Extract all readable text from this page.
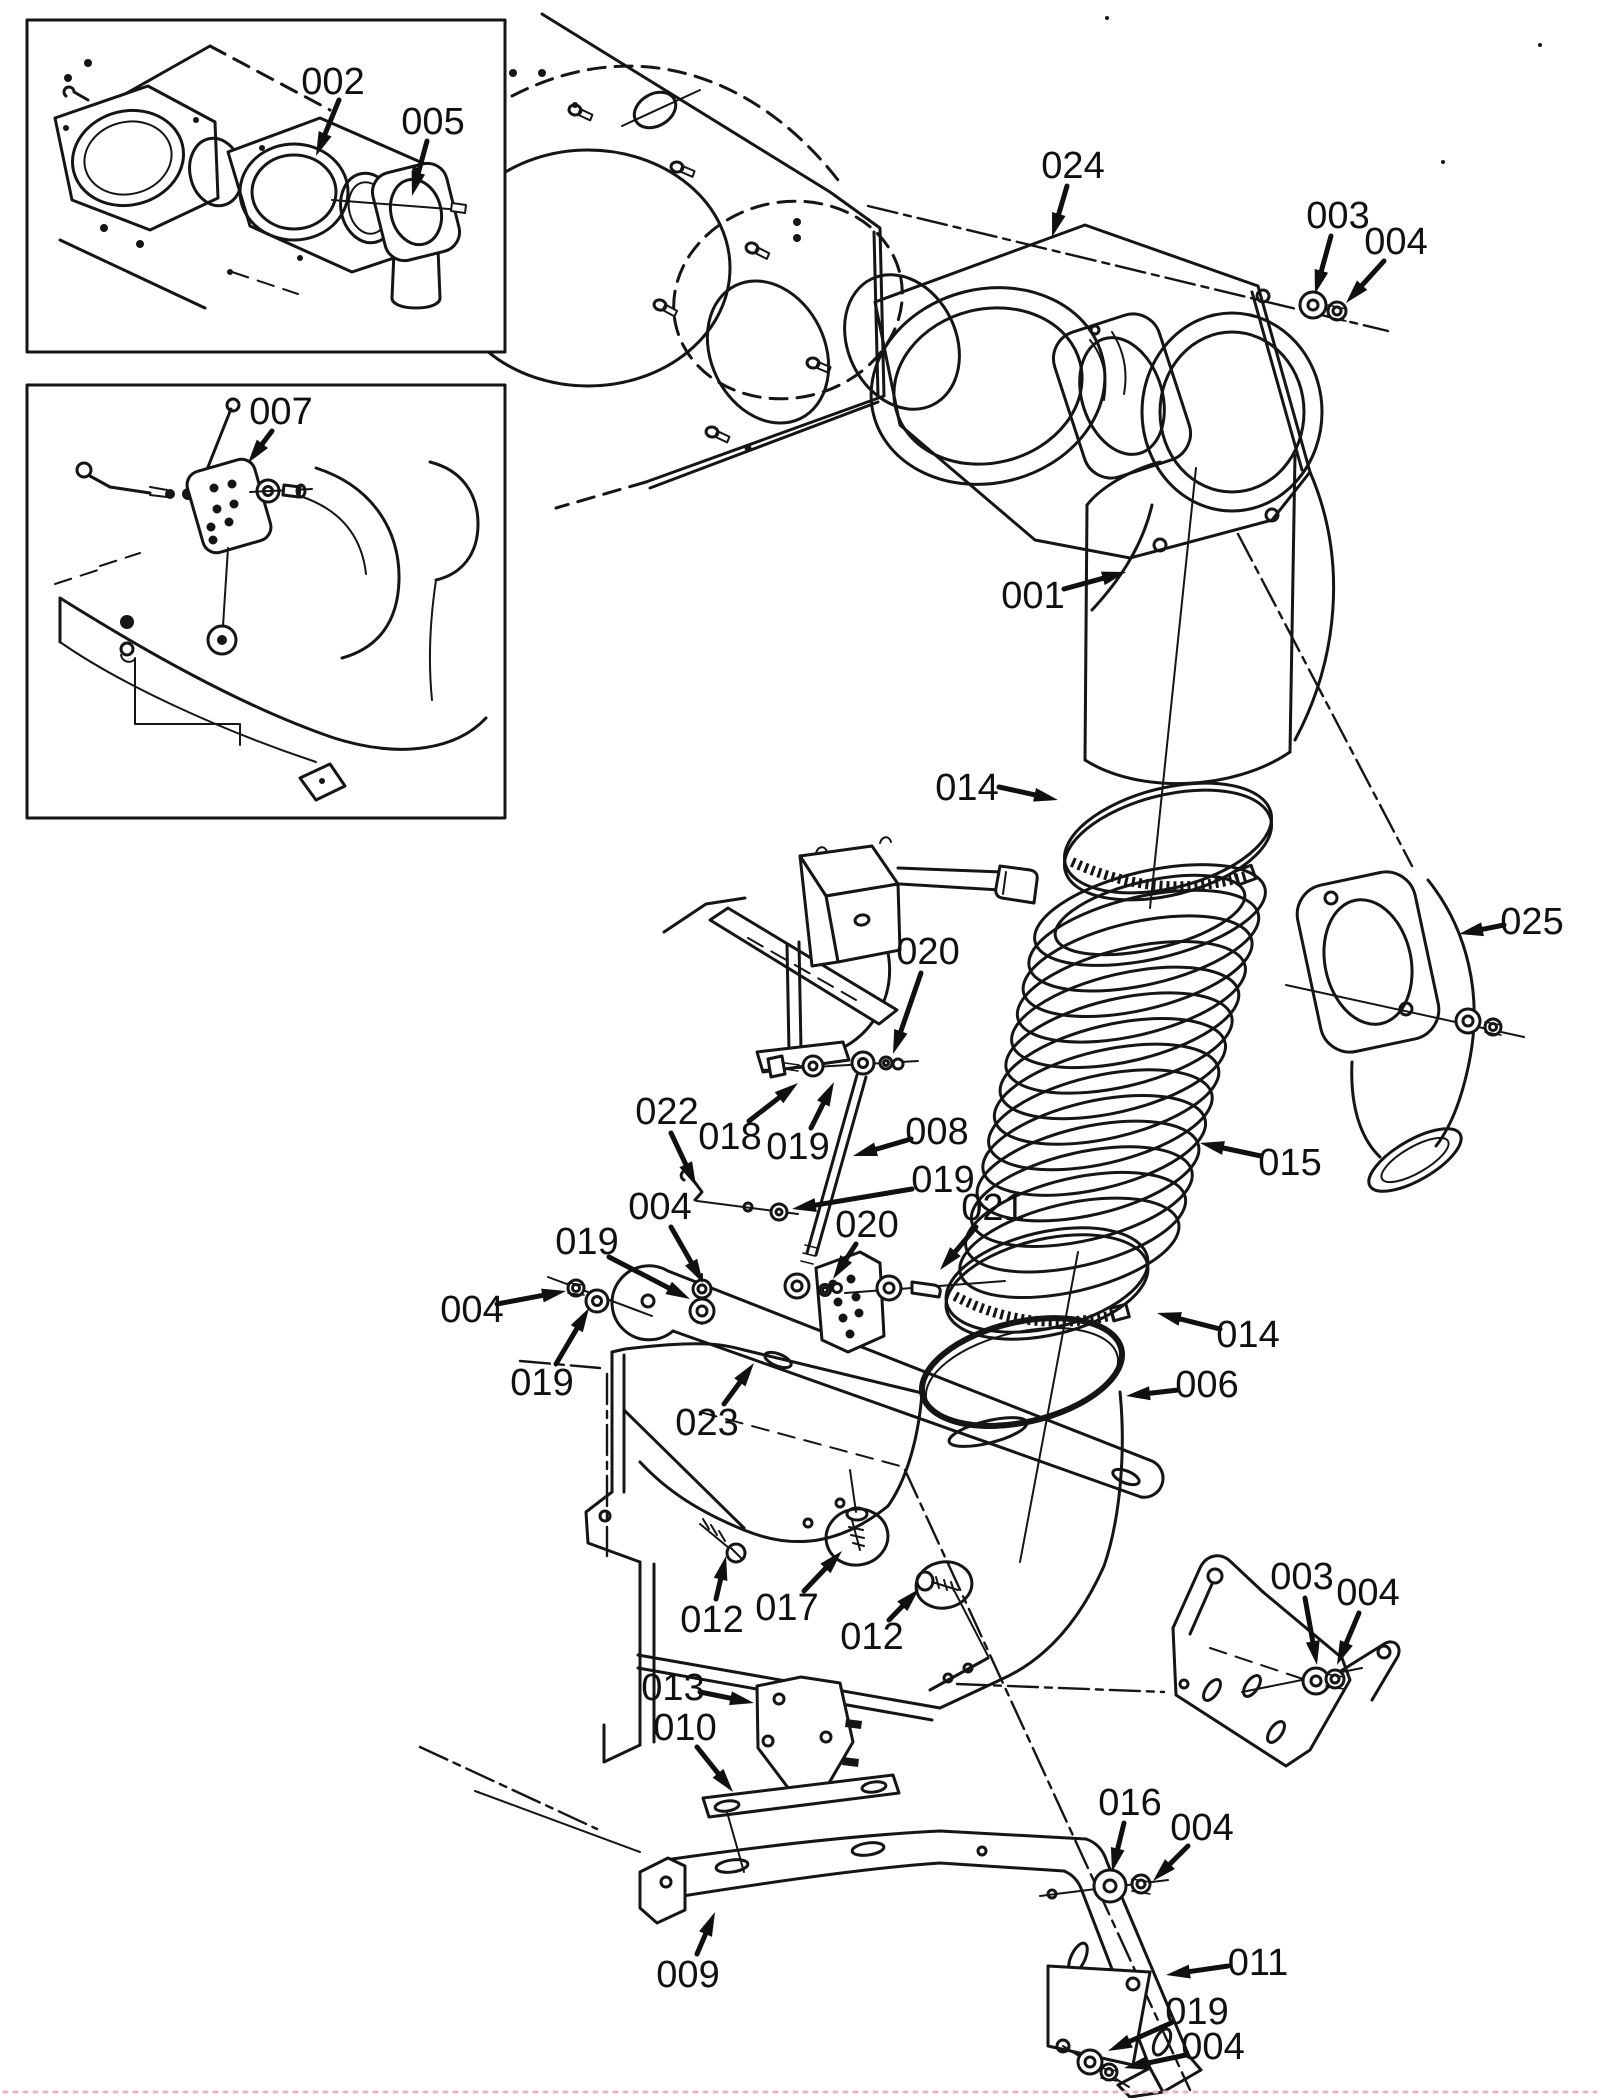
002
005
007
024
003
004
001
014
025
020
022
018 019 008
019
020 021
004
019
004
019
015
014
006
023
003 004
012 017
012
013
010
016
004
009	011
019
004
